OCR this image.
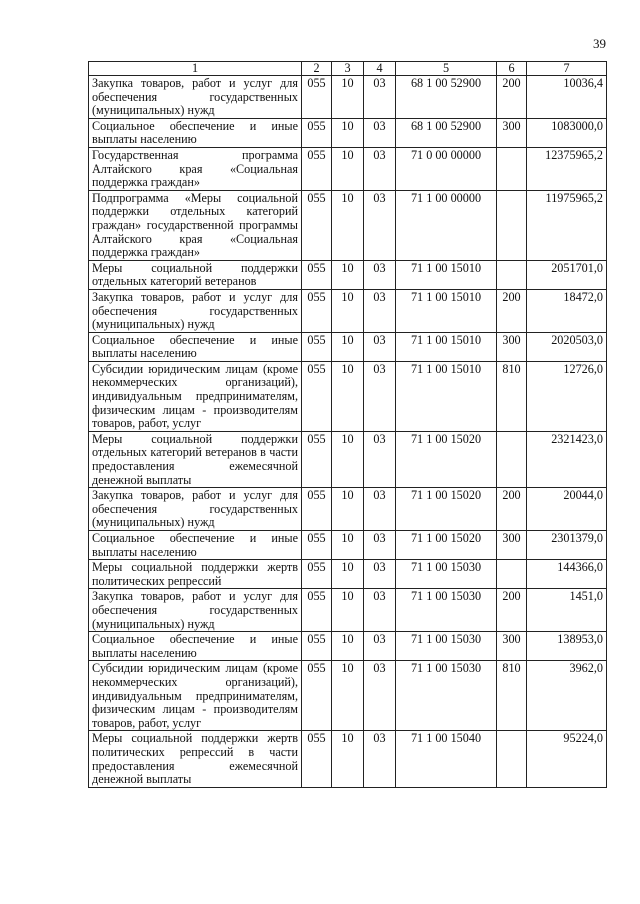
39
1	2	3	4	5	6	7
Закупка товаров, работ и услуг для обеспечения государственных (муниципальных) нужд	055	10	03	68 1 00 52900	200	10036,4
Социальное обеспечение и иные выплаты населению	055	10	03	68 1 00 52900	300	1083000,0
Государственная программа Алтайского края «Социальная поддержка граждан»	055	10	03	71 0 00 00000		12375965,2
Подпрограмма «Меры социальной поддержки отдельных категорий граждан» государственной программы Алтайского края «Социальная поддержка граждан»	055	10	03	71 1 00 00000		11975965,2
Меры социальной поддержки отдельных категорий ветеранов	055	10	03	71 1 00 15010		2051701,0
Закупка товаров, работ и услуг для обеспечения государственных (муниципальных) нужд	055	10	03	71 1 00 15010	200	18472,0
Социальное обеспечение и иные выплаты населению	055	10	03	71 1 00 15010	300	2020503,0
Субсидии юридическим лицам (кроме некоммерческих организаций), индивидуальным предпринимателям, физическим лицам - производителям товаров, работ, услуг	055	10	03	71 1 00 15010	810	12726,0
Меры социальной поддержки отдельных категорий ветеранов в части предоставления ежемесячной денежной выплаты	055	10	03	71 1 00 15020		2321423,0
Закупка товаров, работ и услуг для обеспечения государственных (муниципальных) нужд	055	10	03	71 1 00 15020	200	20044,0
Социальное обеспечение и иные выплаты населению	055	10	03	71 1 00 15020	300	2301379,0
Меры социальной поддержки жертв политических репрессий	055	10	03	71 1 00 15030		144366,0
Закупка товаров, работ и услуг для обеспечения государственных (муниципальных) нужд	055	10	03	71 1 00 15030	200	1451,0
Социальное обеспечение и иные выплаты населению	055	10	03	71 1 00 15030	300	138953,0
Субсидии юридическим лицам (кроме некоммерческих организаций), индивидуальным предпринимателям, физическим лицам - производителям товаров, работ, услуг	055	10	03	71 1 00 15030	810	3962,0
Меры социальной поддержки жертв политических репрессий в части предоставления ежемесячной денежной выплаты	055	10	03	71 1 00 15040		95224,0
